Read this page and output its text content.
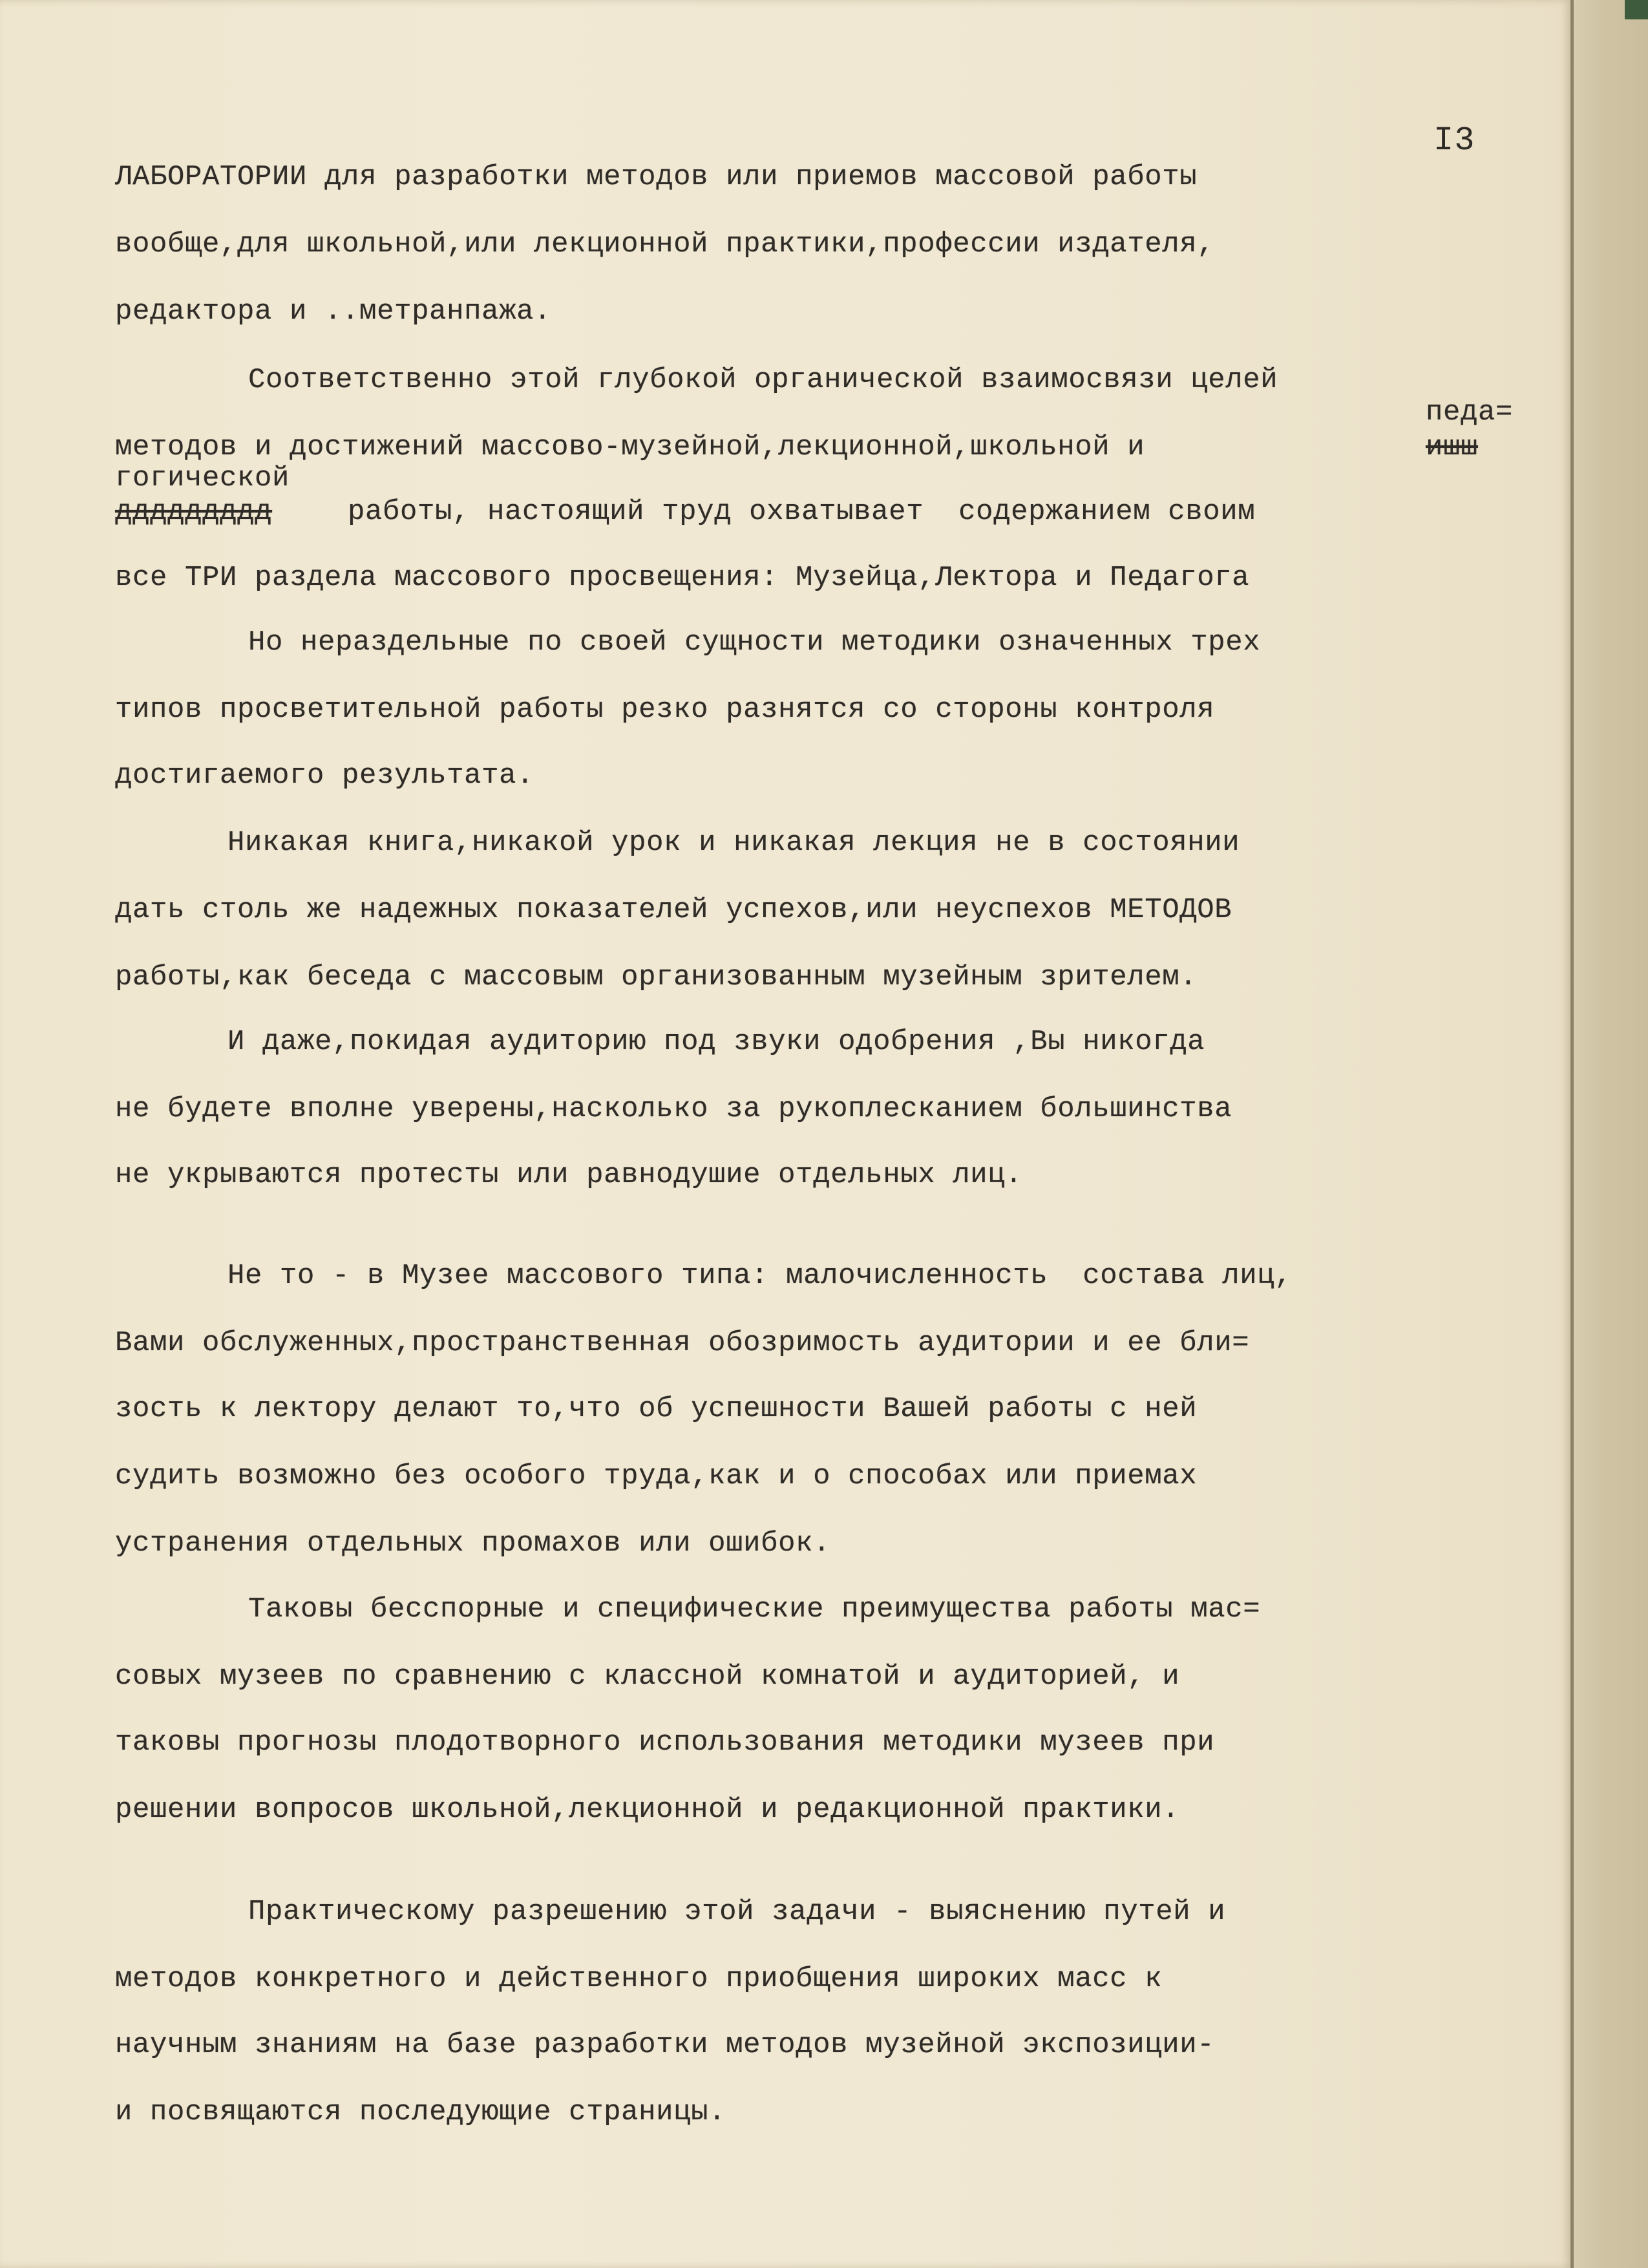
I3
ЛАБОРАТОРИИ для разработки методов или приемов массовой работы
вообще,для школьной,или лекционной практики,профессии издателя,
редактора и ..метранпажа.
Соответственно этой глубокой органической взаимосвязи целей
педа=
методов и достижений массово-музейной,лекционной,школьной и	ишш
гогической
ддддддддд	работы, настоящий труд охватывает  содержанием своим
все ТРИ раздела массового просвещения: Музейца,Лектора и Педагога
Но нераздельные по своей сущности методики означенных трех
типов просветительной работы резко разнятся со стороны контроля
достигаемого результата.
Никакая книга,никакой урок и никакая лекция не в состоянии
дать столь же надежных показателей успехов,или неуспехов МЕТОДОВ
работы,как беседа с массовым организованным музейным зрителем.
И даже,покидая аудиторию под звуки одобрения ,Вы никогда
не будете вполне уверены,насколько за рукоплесканием большинства
не укрываются протесты или равнодушие отдельных лиц.
Не то - в Музее массового типа: малочисленность  состава лиц,
Вами обслуженных,пространственная обозримость аудитории и ее бли=
зость к лектору делают то,что об успешности Вашей работы с ней
судить возможно без особого труда,как и о способах или приемах
устранения отдельных промахов или ошибок.
Таковы бесспорные и специфические преимущества работы мас=
совых музеев по сравнению с классной комнатой и аудиторией, и
таковы прогнозы плодотворного использования методики музеев при
решении вопросов школьной,лекционной и редакционной практики.
Практическому разрешению этой задачи - выяснению путей и
методов конкретного и действенного приобщения широких масс к
научным знаниям на базе разработки методов музейной экспозиции-
и посвящаются последующие страницы.
